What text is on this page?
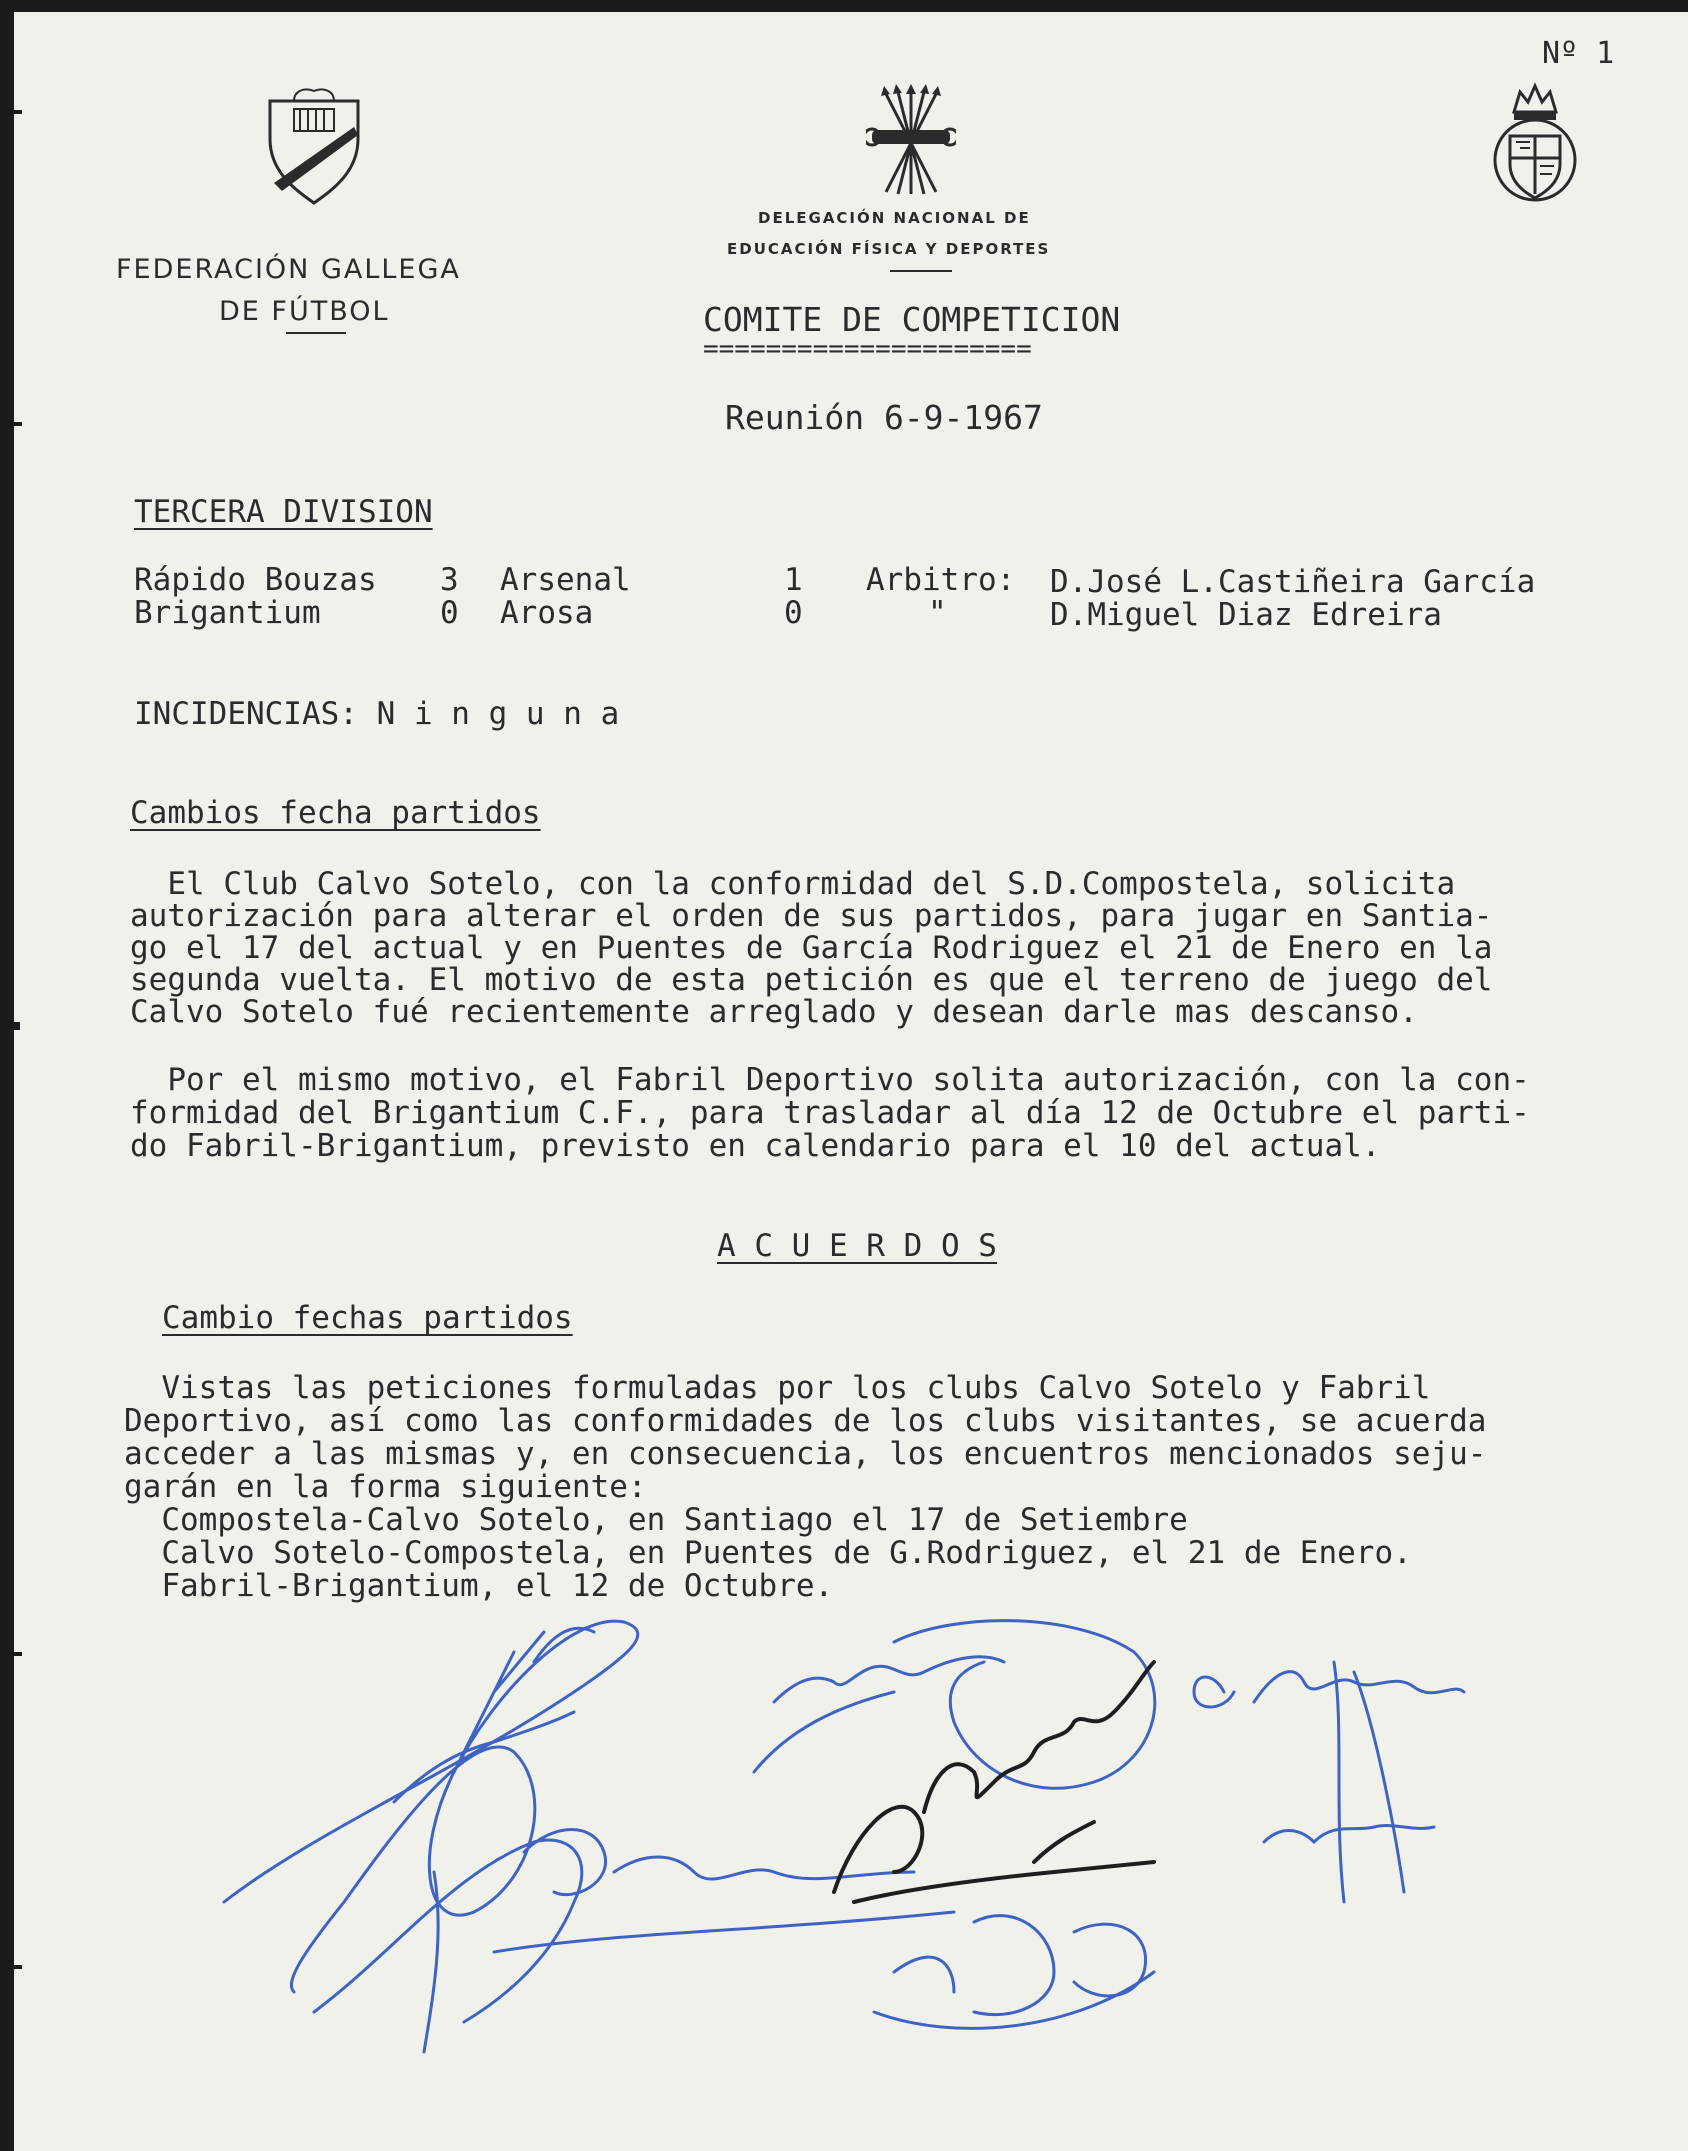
Nº 1
FEDERACIÓN GALLEGA
DE FÚTBOL
DELEGACIÓN NACIONAL DE
EDUCACIÓN FÍSICA Y DEPORTES
COMITE DE COMPETICION
=====================
Reunión 6-9-1967
TERCERA DIVISION
Rápido Bouzas 3 Arsenal	1 Arbitro: D.José L.Castiñeira García
Brigantium	0 Arosa	0	"	D.Miguel Diaz Edreira
INCIDENCIAS: N i n g u n a
Cambios fecha partidos
El Club Calvo Sotelo, con la conformidad del S.D.Compostela, solicita
autorización para alterar el orden de sus partidos, para jugar en Santia-
go el 17 del actual y en Puentes de García Rodriguez el 21 de Enero en la
segunda vuelta. El motivo de esta petición es que el terreno de juego del
Calvo Sotelo fué recientemente arreglado y desean darle mas descanso.
Por el mismo motivo, el Fabril Deportivo solita autorización, con la con-
formidad del Brigantium C.F., para trasladar al día 12 de Octubre el parti-
do Fabril-Brigantium, previsto en calendario para el 10 del actual.
A C U E R D O S
Cambio fechas partidos
Vistas las peticiones formuladas por los clubs Calvo Sotelo y Fabril
Deportivo, así como las conformidades de los clubs visitantes, se acuerda
acceder a las mismas y, en consecuencia, los encuentros mencionados seju-
garán en la forma siguiente:
Compostela-Calvo Sotelo, en Santiago el 17 de Setiembre
Calvo Sotelo-Compostela, en Puentes de G.Rodriguez, el 21 de Enero.
Fabril-Brigantium, el 12 de Octubre.
